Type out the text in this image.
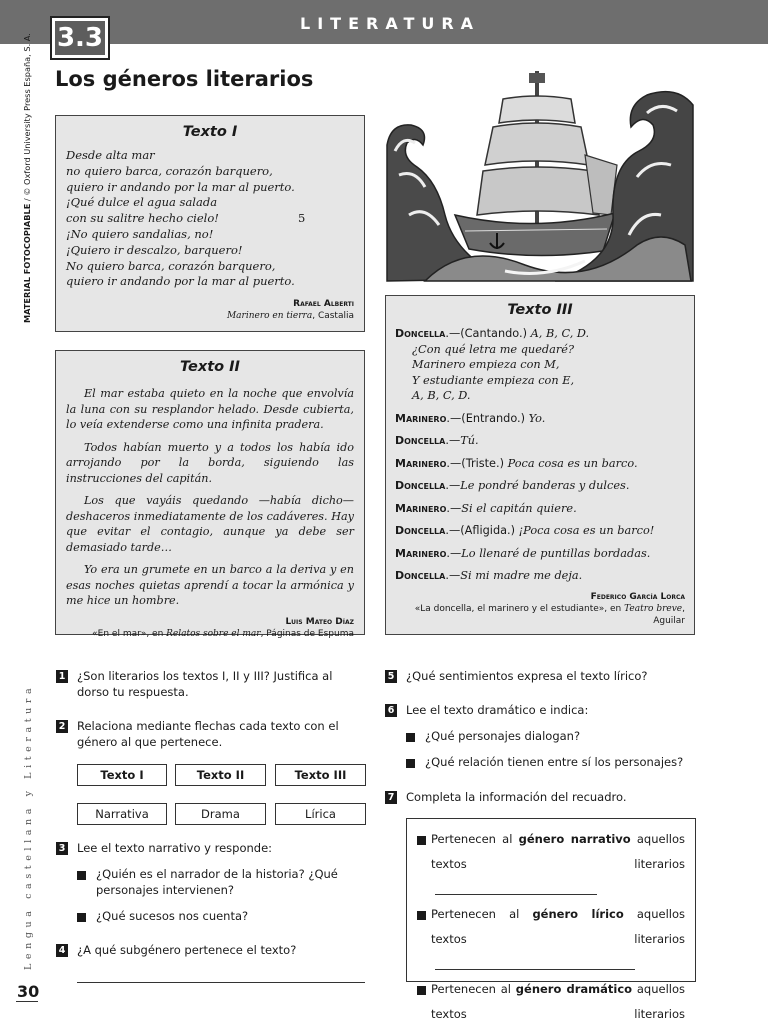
LITERATURA
3.3
Los géneros literarios
MATERIAL FOTOCOPIABLE / © Oxford University Press España, S. A.
Lengua castellana y Literatura
30
Texto I
Desde alta mar
no quiero barca, corazón barquero,
quiero ir andando por la mar al puerto.
¡Qué dulce el agua salada
con su salitre hecho cielo!	5
¡No quiero sandalias, no!
¡Quiero ir descalzo, barquero!
No quiero barca, corazón barquero,
quiero ir andando por la mar al puerto.
Rafael Alberti
Marinero en tierra, Castalia
Texto II

El mar estaba quieto en la noche que envolvía la luna con su resplandor helado. Desde cubierta, lo veía extenderse como una infinita pradera.

Todos habían muerto y a todos los había ido arrojando por la borda, siguiendo las instrucciones del capitán.

Los que vayáis quedando —había dicho— deshaceros inmediatamente de los cadáveres. Hay que evitar el contagio, aunque ya debe ser demasiado tarde…

Yo era un grumete en un barco a la deriva y en esas noches quietas aprendí a tocar la armónica y me hice un hombre.

Luis Mateo Díaz
«En el mar», en Relatos sobre el mar, Páginas de Espuma
Texto III
Doncella.—(Cantando.) A, B, C, D.
¿Con qué letra me quedaré?
Marinero empieza con M,
Y estudiante empieza con E,
A, B, C, D.
Marinero.—(Entrando.) Yo.
Doncella.—Tú.
Marinero.—(Triste.) Poca cosa es un barco.
Doncella.—Le pondré banderas y dulces.
Marinero.—Si el capitán quiere.
Doncella.—(Afligida.) ¡Poca cosa es un barco!
Marinero.—Lo llenaré de puntillas bordadas.
Doncella.—Si mi madre me deja.
Federico García Lorca
«La doncella, el marinero y el estudiante», en Teatro breve, Aguilar
1	¿Son literarios los textos I, II y III? Justifica al dorso tu respuesta.
2	Relaciona mediante flechas cada texto con el género al que pertenece.
Texto I	Texto II	Texto III
Narrativa	Drama	Lírica
3	Lee el texto narrativo y responde:
¿Quién es el narrador de la historia? ¿Qué personajes intervienen?
¿Qué sucesos nos cuenta?
4	¿A qué subgénero pertenece el texto?
5	¿Qué sentimientos expresa el texto lírico?
6	Lee el texto dramático e indica:
¿Qué personajes dialogan?
¿Qué relación tienen entre sí los personajes?
7	Completa la información del recuadro.
Pertenecen al género narrativo aquellos textos literarios
Pertenecen al género lírico aquellos textos literarios
Pertenecen al género dramático aquellos textos literarios
